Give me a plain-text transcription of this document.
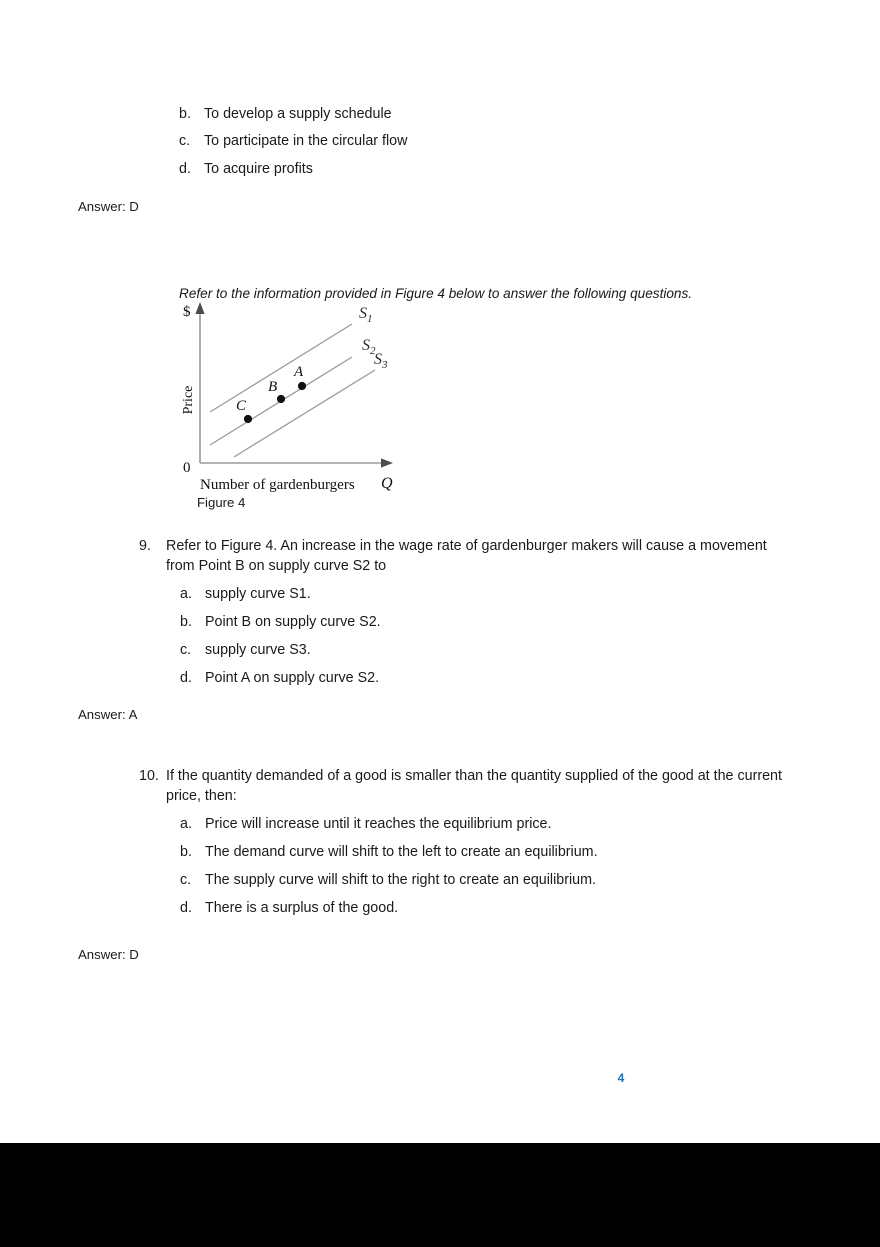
b. To develop a supply schedule
c. To participate in the circular flow
d. To acquire profits
Answer: D
Refer to the information provided in Figure 4 below to answer the following questions.
A
B
C
$S_1$
$S_2$
$S_3$
$
Price
0
Number of gardenburgers Q
Figure 4
9.	Refer to Figure 4. An increase in the wage rate of gardenburger makers will cause a movement from Point B on supply curve S2 to
a. supply curve S1.
b. Point B on supply curve S2.
c. supply curve S3.
d. Point A on supply curve S2.
Answer: A
10. If the quantity demanded of a good is smaller than the quantity supplied of the good at the current price, then:
a. Price will increase until it reaches the equilibrium price.
b. The demand curve will shift to the left to create an equilibrium.
c. The supply curve will shift to the right to create an equilibrium.
d. There is a surplus of the good.
Answer: D
4
